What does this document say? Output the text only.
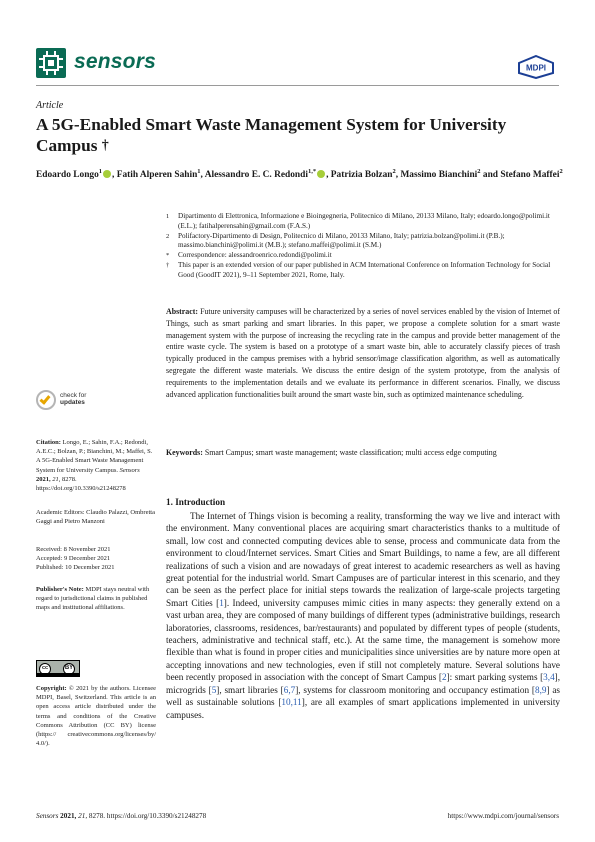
sensors	MDPI
Article
A 5G-Enabled Smart Waste Management System for University Campus †
Edoardo Longo$^1$ , Fatih Alperen Sahin$^1$, Alessandro E. C. Redondi$^{1,*}$ , Patrizia Bolzan$^2$, Massimo Bianchini$^2$ and Stefano Maffei$^2$
1	Dipartimento di Elettronica, Informazione e Bioingegneria, Politecnico di Milano, 20133 Milano, Italy; edoardo.longo@polimi.it (E.L.); fatihalperensahin@gmail.com (F.A.S.)
2	Polifactory-Dipartimento di Design, Politecnico di Milano, 20133 Milano, Italy; patrizia.bolzan@polimi.it (P.B.); massimo.bianchini@polimi.it (M.B.); stefano.maffei@polimi.it (S.M.)
*	Correspondence: alessandroenrico.redondi@polimi.it
†	This paper is an extended version of our paper published in ACM International Conference on Information Technology for Social Good (GoodIT 2021), 9–11 September 2021, Rome, Italy.
Abstract: Future university campuses will be characterized by a series of novel services enabled by the vision of Internet of Things, such as smart parking and smart libraries. In this paper, we propose a complete solution for a smart waste management system with the purpose of increasing the recycling rate in the campus and provide better management of the entire waste cycle. The system is based on a prototype of a smart waste bin, able to accurately classify pieces of trash typically produced in the campus premises with a hybrid sensor/image classification algorithm, as well as automatically segregate the different waste materials. We discuss the entire design of the system prototype, from the analysis of requirements to the implementation details and we evaluate its performance in different scenarios. Finally, we discuss advanced application functionalities built around the smart waste bin, such as optimized maintenance scheduling.
Keywords: Smart Campus; smart waste management; waste classification; multi access edge computing
check for
updates
Citation: Longo, E.; Sahin, F.A.; Redondi, A.E.C.; Bolzan, P.; Bianchini, M.; Maffei, S. A 5G-Enabled Smart Waste Management System for University Campus. Sensors 2021, 21, 8278. https://doi.org/10.3390/s21248278
Academic Editors: Claudio Palazzi, Ombretta Gaggi and Pietro Manzoni
Received: 8 November 2021
Accepted: 9 December 2021
Published: 10 December 2021
Publisher's Note: MDPI stays neutral with regard to jurisdictional claims in published maps and institutional affiliations.
cc	BY
Copyright: © 2021 by the authors. Licensee MDPI, Basel, Switzerland. This article is an open access article distributed under the terms and conditions of the Creative Commons Attribution (CC BY) license (https:// creativecommons.org/licenses/by/ 4.0/).
1. Introduction
The Internet of Things vision is becoming a reality, transforming the way we live and interact with the environment. Many conventional places are acquiring smart characteristics thanks to a multitude of small, low cost and connected computing devices able to sense, process and communicate data from the environment to cloud/Internet services. Smart Cities and Smart Buildings, to name a few, are all different realizations of such a vision and are nowadays of great interest to academic researchers as well as having great potential for the industrial world. Smart Campuses are of particular interest in this scenario, and they can be seen as the perfect place for initial steps towards the realization of large-scale projects targeting Smart Cities [1]. Indeed, university campuses mimic cities in many aspects: they generally extend on a vast urban area, they are composed of many buildings of different types (administrative buildings, research laboratories, classrooms, residences, bar/restaurants) and populated by different types of people (students, teachers, administrative and technical staff, etc.). At the same time, the management is somehow more flexible than what is found in proper cities and municipalities since universities are by nature more open at accepting innovations and new technologies, even if still not completely mature. Several solutions have been recently proposed in association with the concept of Smart Campus [2]: smart parking systems [3,4], microgrids [5], smart libraries [6,7], systems for classroom monitoring and occupancy estimation [8,9] as well as sustainable solutions [10,11], are all examples of smart applications implemented in university campuses.
Sensors 2021, 21, 8278. https://doi.org/10.3390/s21248278	https://www.mdpi.com/journal/sensors
